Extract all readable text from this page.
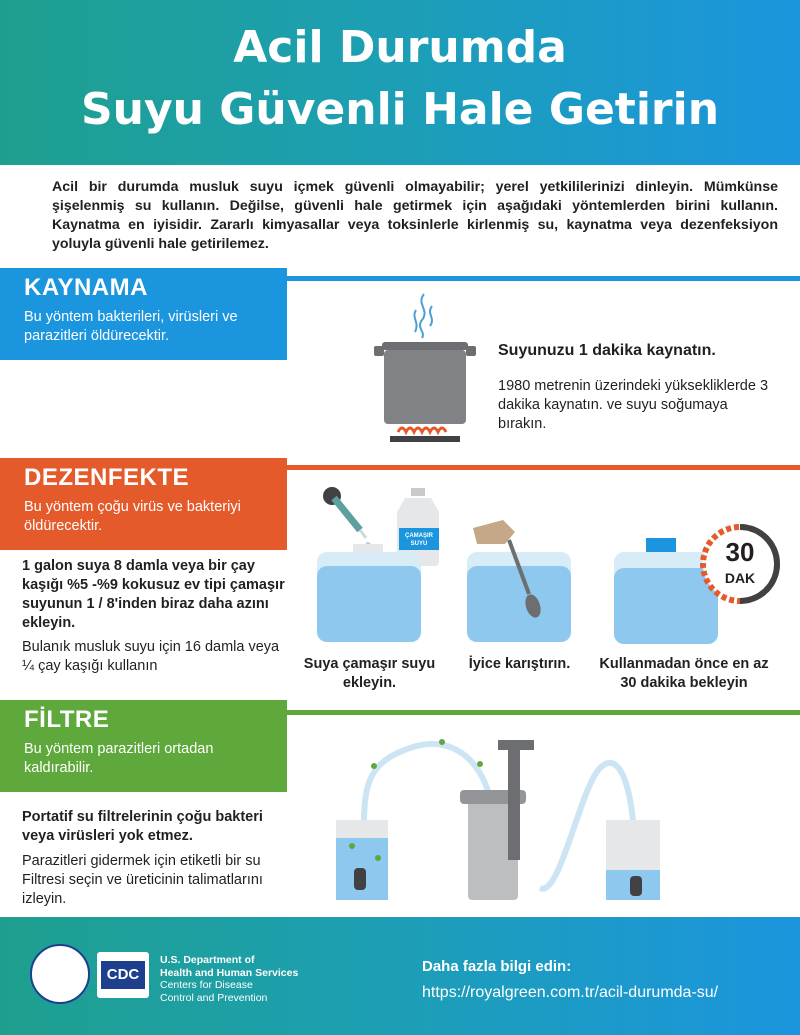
Acil Durumda
Suyu Güvenli Hale Getirin
Acil bir durumda musluk suyu içmek güvenli olmayabilir; yerel yetkililerinizi dinleyin. Mümkünse şişelenmiş su kullanın. Değilse, güvenli hale getirmek için aşağıdaki yöntemlerden birini kullanın. Kaynatma en iyisidir. Zararlı kimyasallar veya toksinlerle kirlenmiş su, kaynatma veya dezenfeksiyon yoluyla güvenli hale getirilemez.
KAYNAMA
Bu yöntem bakterileri, virüsleri ve parazitleri öldürecektir.
Suyunuzu 1 dakika kaynatın.
1980 metrenin üzerindeki yüksekliklerde 3 dakika kaynatın. ve suyu soğumaya bırakın.
DEZENFEKTE
Bu yöntem çoğu virüs ve bakteriyi öldürecektir.
1 galon suya 8 damla veya bir çay kaşığı %5 -%9 kokusuz ev tipi çamaşır suyunun 1 / 8'inden biraz daha azını ekleyin.
Bulanık musluk suyu için 16 damla veya ¼ çay kaşığı kullanın
ÇAMAŞIR
SUYU	30
DAK
Suya çamaşır suyu ekleyin.
İyice karıştırın.	Kullanmadan önce en az 30 dakika bekleyin
FİLTRE
Bu yöntem parazitleri ortadan kaldırabilir.
Portatif su filtrelerinin çoğu bakteri veya virüsleri yok etmez.
Parazitleri gidermek için etiketli bir su Filtresi seçin ve üreticinin talimatlarını izleyin.
CDC
U.S. Department of
Health and Human Services
Centers for Disease
Control and Prevention
Daha fazla bilgi edin:
https://royalgreen.com.tr/acil-durumda-su/
